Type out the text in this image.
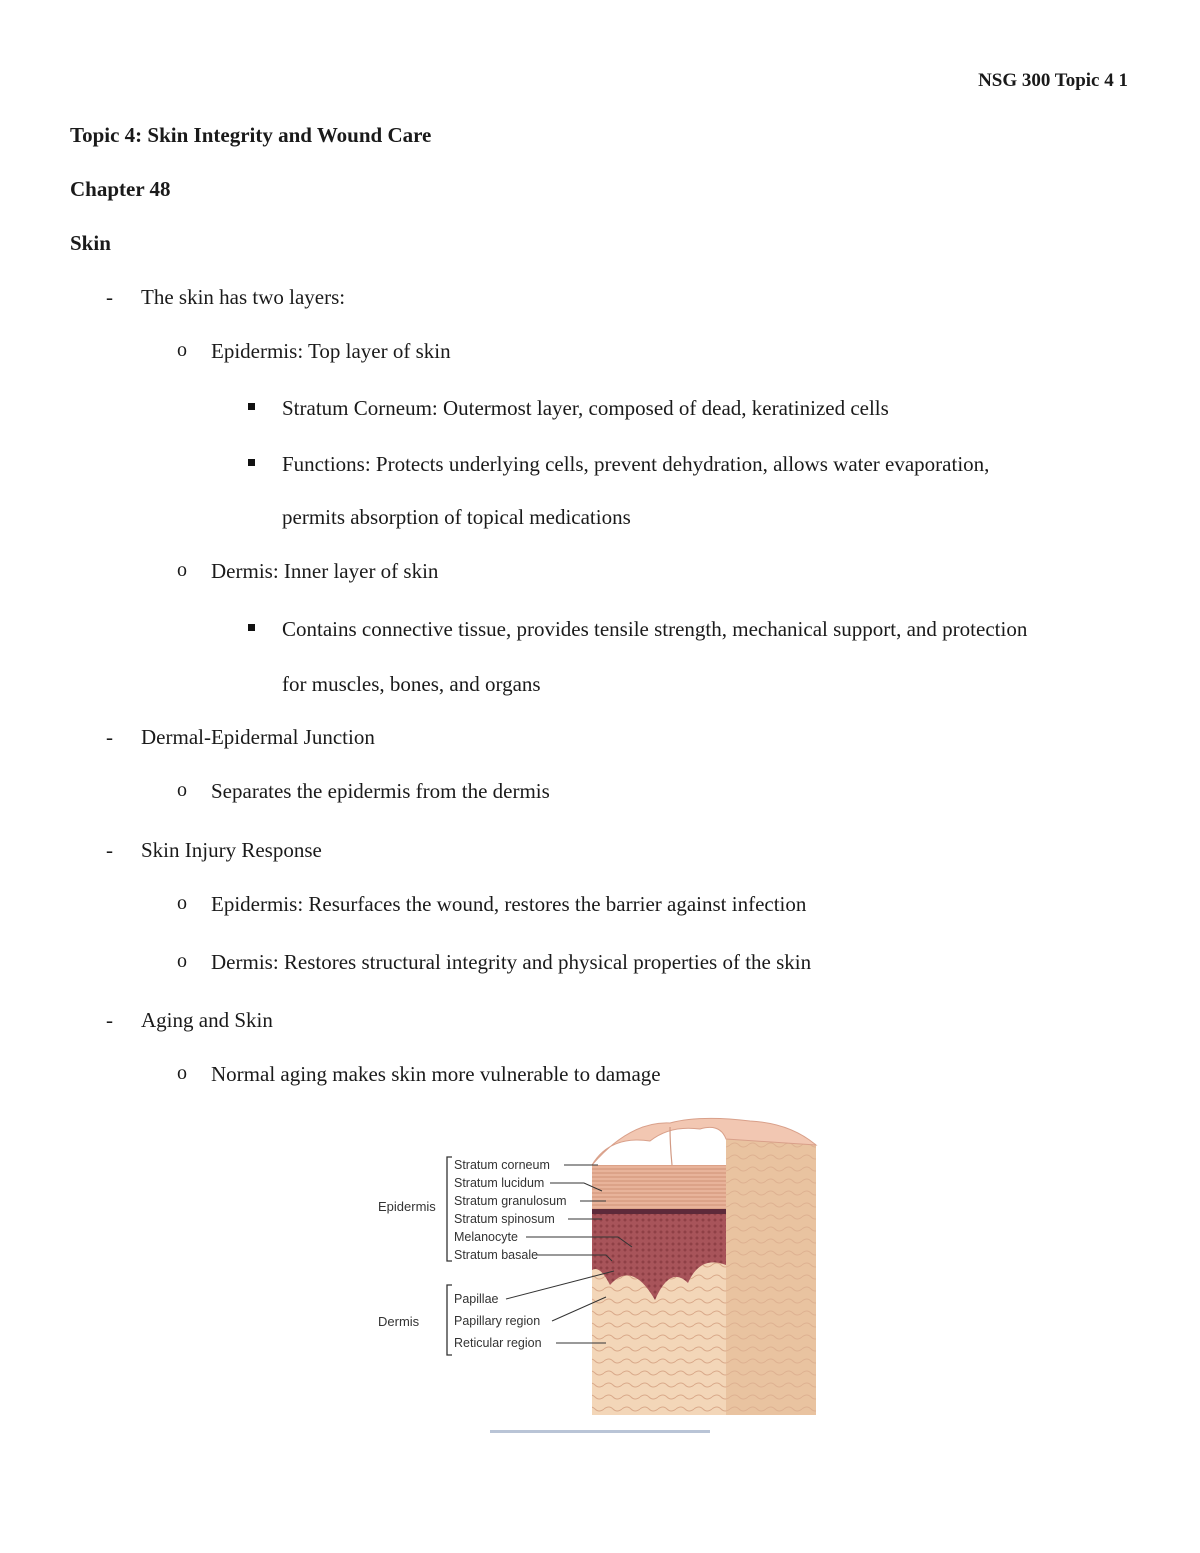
NSG 300 Topic 4 1
Topic 4: Skin Integrity and Wound Care
Chapter 48
Skin
- The skin has two layers:
o Epidermis: Top layer of skin
Stratum Corneum: Outermost layer, composed of dead, keratinized cells
Functions: Protects underlying cells, prevent dehydration, allows water evaporation,
permits absorption of topical medications
o Dermis: Inner layer of skin
Contains connective tissue, provides tensile strength, mechanical support, and protection
for muscles, bones, and organs
- Dermal-Epidermal Junction
o Separates the epidermis from the dermis
- Skin Injury Response
o Epidermis: Resurfaces the wound, restores the barrier against infection
o Dermis: Restores structural integrity and physical properties of the skin
- Aging and Skin
o Normal aging makes skin more vulnerable to damage
Epidermis
Dermis
Stratum corneum
Stratum lucidum
Stratum granulosum
Stratum spinosum
Melanocyte
Stratum basale
Papillae
Papillary region
Reticular region
